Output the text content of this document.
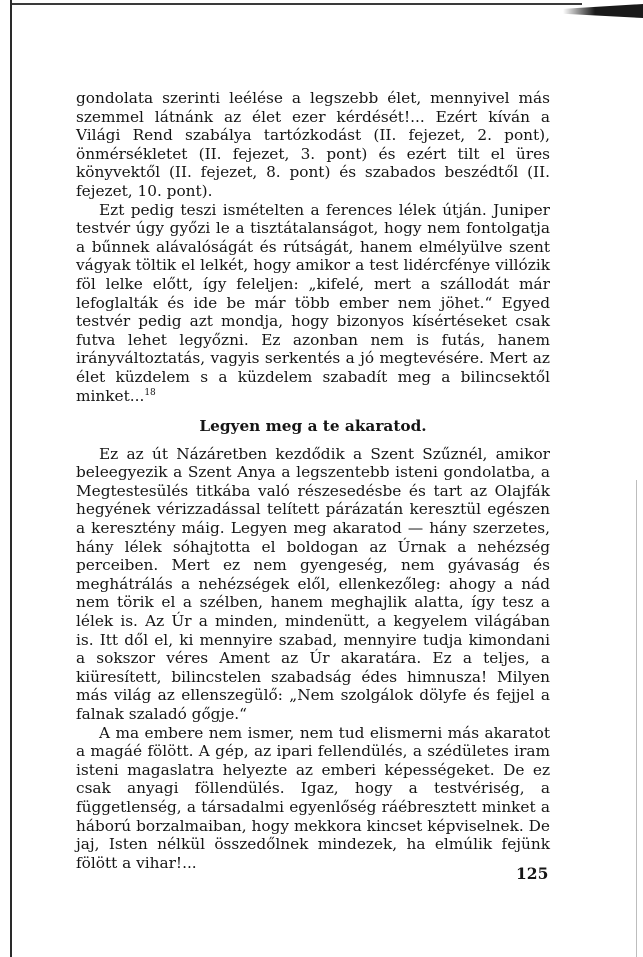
gondolata szerinti leélése a legszebb élet, mennyivel más szemmel látnánk az élet ezer kérdését!... Ezért kíván a Világi Rend szabálya tartózkodást (II. fejezet, 2. pont), önmérsékletet (II. fejezet, 3. pont) és ezért tilt el üres könyvektől (II. fejezet, 8. pont) és szabados beszédtől (II. fejezet, 10. pont).

Ezt pedig teszi ismételten a ferences lélek útján. Juniper testvér úgy győzi le a tisztátalanságot, hogy nem fontolgatja a bűnnek alávalóságát és rútságát, hanem elmélyülve szent vágyak töltik el lelkét, hogy amikor a test lidércfénye villózik föl lelke előtt, így feleljen: „kifelé, mert a szállodát már lefoglalták és ide be már több ember nem jöhet.“ Egyed testvér pedig azt mondja, hogy bizonyos kísértéseket csak futva lehet legyőzni. Ez azonban nem is futás, hanem irányváltoztatás, vagyis serkentés a jó megtevésére. Mert az élet küzdelem s a küzdelem szabadít meg a bilincsektől minket...$^{18}$

Legyen meg a te akaratod.

Ez az út Názáretben kezdődik a Szent Szűznél, amikor beleegyezik a Szent Anya a legszentebb isteni gondolatba, a Megtestesülés titkába való részesedésbe és tart az Olajfák hegyének vérizzadással telített párázatán keresztül egészen a keresztény máig. Legyen meg akaratod — hány szerzetes, hány lélek sóhajtotta el boldogan az Úrnak a nehézség perceiben. Mert ez nem gyengeség, nem gyávaság és meghátrálás a nehézségek elől, ellenkezőleg: ahogy a nád nem törik el a szélben, hanem meghajlik alatta, így tesz a lélek is. Az Úr a minden, mindenütt, a kegyelem világában is. Itt dől el, ki mennyire szabad, mennyire tudja kimondani a sokszor véres Ament az Úr akaratára. Ez a teljes, a kiüresített, bilincstelen szabadság édes himnusza! Milyen más világ az ellenszegülő: „Nem szolgálok dölyfe és fejjel a falnak szaladó gőgje.“

A ma embere nem ismer, nem tud elismerni más akaratot a magáé fölött. A gép, az ipari fellendülés, a szédületes iram isteni magaslatra helyezte az emberi képességeket. De ez csak anyagi föllendülés. Igaz, hogy a testvériség, a függetlenség, a társadalmi egyenlőség ráébresztett minket a háború borzalmaiban, hogy mekkora kincset képviselnek. De jaj, Isten nélkül összedőlnek mindezek, ha elmúlik fejünk fölött a vihar!...

125
